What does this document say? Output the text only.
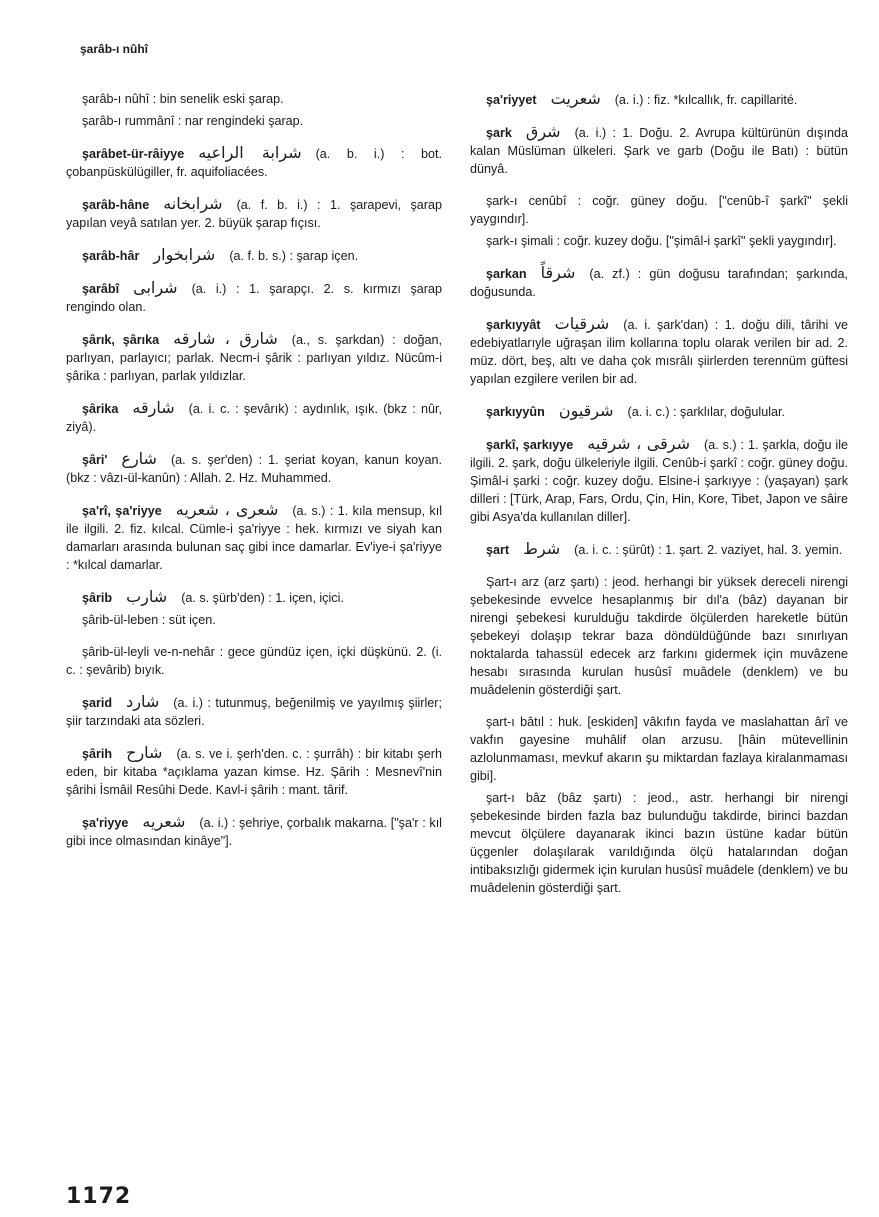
şarâb-ı nûhî

şarâb-ı nûhî : bin senelik eski şarap.

şarâb-ı rummânî : nar rengindeki şarap.

şarâbet-ür-râiyye شرابة الراعيه (a. b. i.) : bot. çobanpüskülügiller, fr. aquifoliacées.

şarâb-hâne شرابخانه (a. f. b. i.) : 1. şarapevi, şarap yapılan veyâ satılan yer. 2. büyük şarap fıçısı.

şarâb-hâr شرابخوار (a. f. b. s.) : şarap içen.

şarâbî شرابى (a. i.) : 1. şarapçı. 2. s. kırmızı şarap rengindo olan.

şârık, şârıka شارق ، شارقه (a., s. şarkdan) : doğan, parlıyan, parlayıcı; parlak. Necm-i şârik : parlıyan yıldız. Nücûm-i şârika : parlıyan, parlak yıldızlar.

şârika شارقه (a. i. c. : şevârık) : aydınlık, ışık. (bkz : nûr, ziyâ).

şâri' شارع (a. s. şer'den) : 1. şeriat koyan, kanun koyan. (bkz : vâzı-ül-kanûn) : Allah. 2. Hz. Muhammed.

şa'rî, şa'riyye شعرى ، شعريه (a. s.) : 1. kıla mensup, kıl ile ilgili. 2. fiz. kılcal. Cümle-i şa'riyye : hek. kırmızı ve siyah kan damarları arasında bulunan saç gibi ince damarlar. Ev'iye-i şa'riyye : *kılcal damarlar.

şârib شارب (a. s. şürb'den) : 1. içen, içici.

şârib-ül-leben : süt içen.

şârib-ül-leyli ve-n-nehâr : gece gündüz içen, içki düşkünü. 2. (i. c. : şevârib) bıyık.

şarid شارد (a. i.) : tutunmuş, beğenilmiş ve yayılmış şiirler; şiir tarzındaki ata sözleri.

şârih شارح (a. s. ve i. şerh'den. c. : şurrâh) : bir kitabı şerh eden, bir kitaba *açıklama yazan kimse. Hz. Şârih : Mesnevî'nin şârihi İsmâil Resûhi Dede. Kavl-i şârih : mant. târif.

şa'riyye شعريه (a. i.) : şehriye, çorbalık makarna. ["şa'r : kıl gibi ince olmasından kinâye"].

şa'riyyet شعريت (a. i.) : fiz. *kılcallık, fr. capillarité.

şark شرق (a. i.) : 1. Doğu. 2. Avrupa kültürünün dışında kalan Müslüman ülkeleri. Şark ve garb (Doğu ile Batı) : bütün dünyâ.

şark-ı cenûbî : coğr. güney doğu. ["cenûb-î şarkî" şekli yaygındır].

şark-ı şimali : coğr. kuzey doğu. ["şimâl-i şarkî" şekli yaygındır].

şarkan شرقاً (a. zf.) : gün doğusu tarafından; şarkında, doğusunda.

şarkıyyât شرقيات (a. i. şark'dan) : 1. doğu dili, târihi ve edebiyatlarıyle uğraşan ilim kollarına toplu olarak verilen bir ad. 2. müz. dört, beş, altı ve daha çok mısrâlı şiirlerden terennüm güftesi yapılan ezgilere verilen bir ad.

şarkıyyûn شرقيون (a. i. c.) : şarklılar, doğulular.

şarkî, şarkıyye شرقى ، شرقيه (a. s.) : 1. şarkla, doğu ile ilgili. 2. şark, doğu ülkeleriyle ilgili. Cenûb-i şarkî : coğr. güney doğu. Şimâl-i şarki : coğr. kuzey doğu. Elsine-i şarkıyye : (yaşayan) şark dilleri : [Türk, Arap, Fars, Ordu, Çin, Hin, Kore, Tibet, Japon ve sâire gibi Asya'da kullanılan diller].

şart شرط (a. i. c. : şürût) : 1. şart. 2. vaziyet, hal. 3. yemin.

Şart-ı arz (arz şartı) : jeod. herhangi bir yüksek dereceli nirengi şebekesinde evvelce hesaplanmış bir dıl'a (bâz) dayanan bir nirengi şebekesi kurulduğu takdirde ölçülerden hareketle bütün şebekeyi dolaşıp tekrar baza döndüldüğünde bazı sınırlıyan noktalarda tahassül edecek arz farkını gidermek için muvâzene hesabı sırasında kurulan husûsî muâdele (denklem) ve bu muâdelenin gösterdiği şart.

şart-ı bâtıl : huk. [eskiden] vâkıfın fayda ve maslahattan ârî ve vakfın gayesine muhâlif olan arzusu. [hâin mütevellinin azlolunmaması, mevkuf akarın şu miktardan fazlaya kiralanmaması gibi].

şart-ı bâz (bâz şartı) : jeod., astr. herhangi bir nirengi şebekesinde birden fazla baz bulunduğu takdirde, birinci bazdan mevcut ölçülere dayanarak ikinci bazın üstüne kadar bütün üçgenler dolaşılarak varıldığında ölçü hatalarından doğan intibaksızlığı gidermek için kurulan husûsî muâdele (denklem) ve bu muâdelenin gösterdiği şart.

1172
